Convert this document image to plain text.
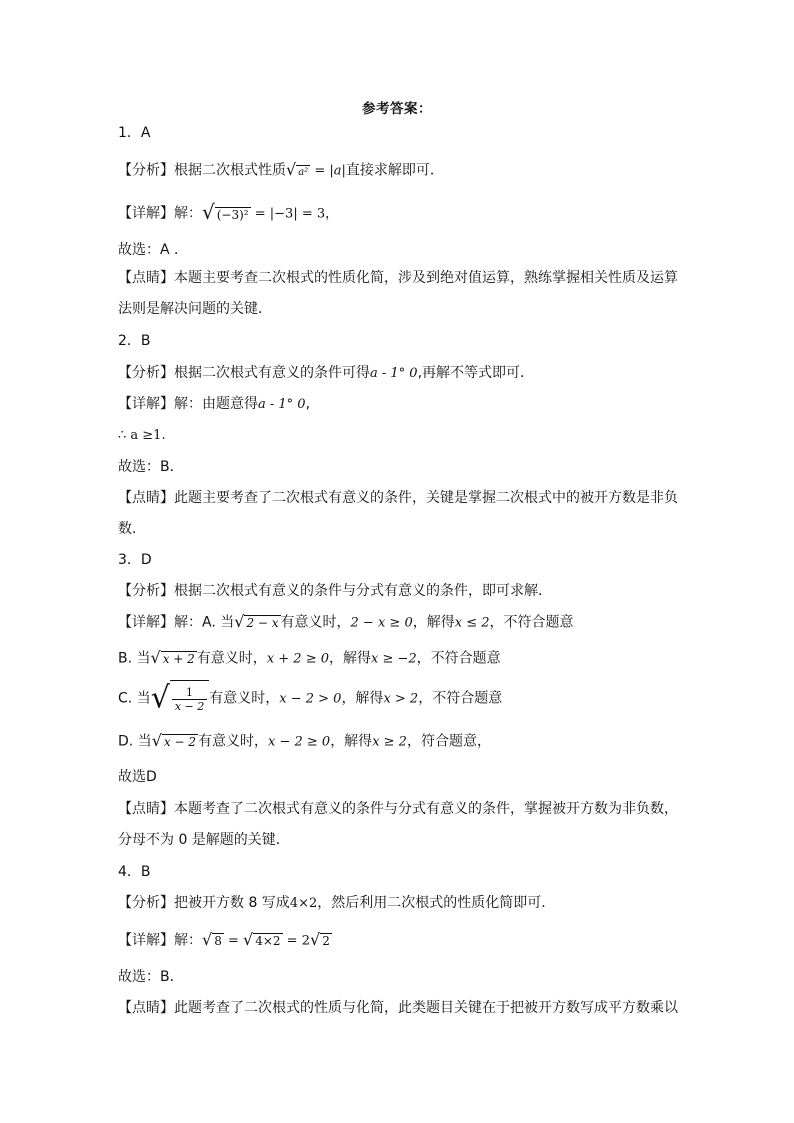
参考答案：
1．A
【分析】根据二次根式性质√ a² = |a|直接求解即可．
【详解】解：√ (−3)² = |−3| = 3，
故选：A ．
【点睛】本题主要考查二次根式的性质化简，涉及到绝对值运算，熟练掌握相关性质及运算
法则是解决问题的关键．
2．B
【分析】根据二次根式有意义的条件可得a - 1° 0,再解不等式即可．
【详解】解：由题意得a - 1° 0,
∴ a ≥1.
故选：B．
【点睛】此题主要考查了二次根式有意义的条件，关键是掌握二次根式中的被开方数是非负
数．
3．D
【分析】根据二次根式有意义的条件与分式有意义的条件，即可求解．
【详解】解：A. 当√ 2 − x 有意义时，2 − x ≥ 0，解得x ≤ 2，不符合题意
B. 当√ x + 2 有意义时，x + 2 ≥ 0，解得x ≥ −2，不符合题意
C. 当√ $\frac{1}{x - 2}$ 有意义时，x − 2 > 0，解得x > 2，不符合题意
D. 当√ x − 2 有意义时，x − 2 ≥ 0，解得x ≥ 2，符合题意，
故选D
【点睛】本题考查了二次根式有意义的条件与分式有意义的条件，掌握被开方数为非负数，
分母不为 0 是解题的关键．
4．B
【分析】把被开方数 8 写成4×2，然后利用二次根式的性质化简即可．
【详解】解：√ 8 = √ 4×2 = 2√ 2
故选：B．
【点睛】此题考查了二次根式的性质与化简，此类题目关键在于把被开方数写成平方数乘以
